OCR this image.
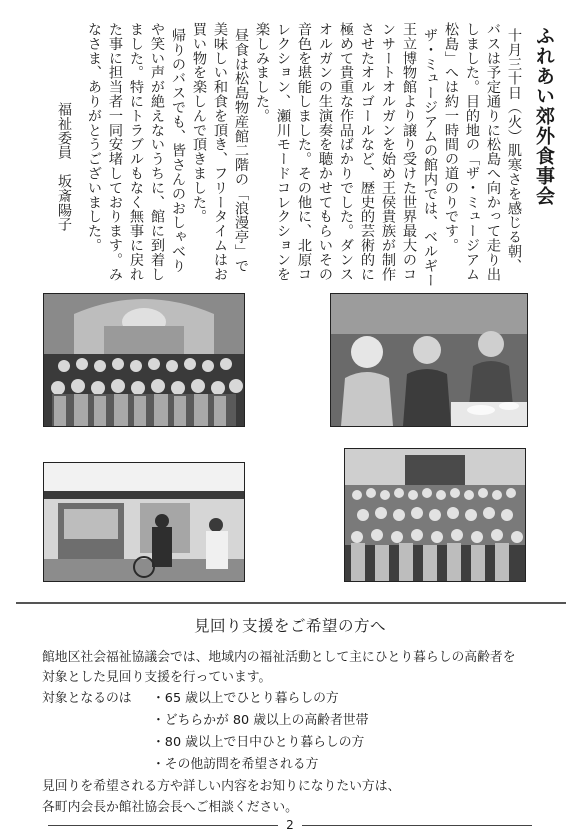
ふれあい郊外食事会
十月三十日（火）肌寒さを感じる朝、
バスは予定通りに松島へ向かって走り出
しました。目的地の「ザ・ミュージアム
松島」へは約一時間の道のりです。
ザ・ミュージアムの館内では、ベルギー
王立博物館より譲り受けた世界最大のコ
ンサートオルガンを始め王侯貴族が制作
させたオルゴールなど、歴史的芸術的に
極めて貴重な作品ばかりでした。ダンス
オルガンの生演奏を聴かせてもらいその
音色を堪能しました。その他に、北原コ
レクション、瀬川モードコレクションを
楽しみました。
昼食は松島物産館二階の「浪漫亭」で
美味しい和食を頂き、フリータイムはお
買い物を楽しんで頂きました。
帰りのバスでも、皆さんのおしゃべり
や笑い声が絶えないうちに、館に到着し
ました。特にトラブルもなく無事に戻れ
た事に担当者一同安堵しております。み
なさま、ありがとうございました。
福祉委員　坂斎陽子
見回り支援をご希望の方へ
館地区社会福祉協議会では、地域内の福祉活動として主にひとり暮らしの高齢者を
対象とした見回り支援を行っています。
対象となるのは ・65 歳以上でひとり暮らしの方
・どちらかが 80 歳以上の高齢者世帯
・80 歳以上で日中ひとり暮らしの方
・その他訪問を希望される方
見回りを希望される方や詳しい内容をお知りになりたい方は、
各町内会長か館社協会長へご相談ください。
2
